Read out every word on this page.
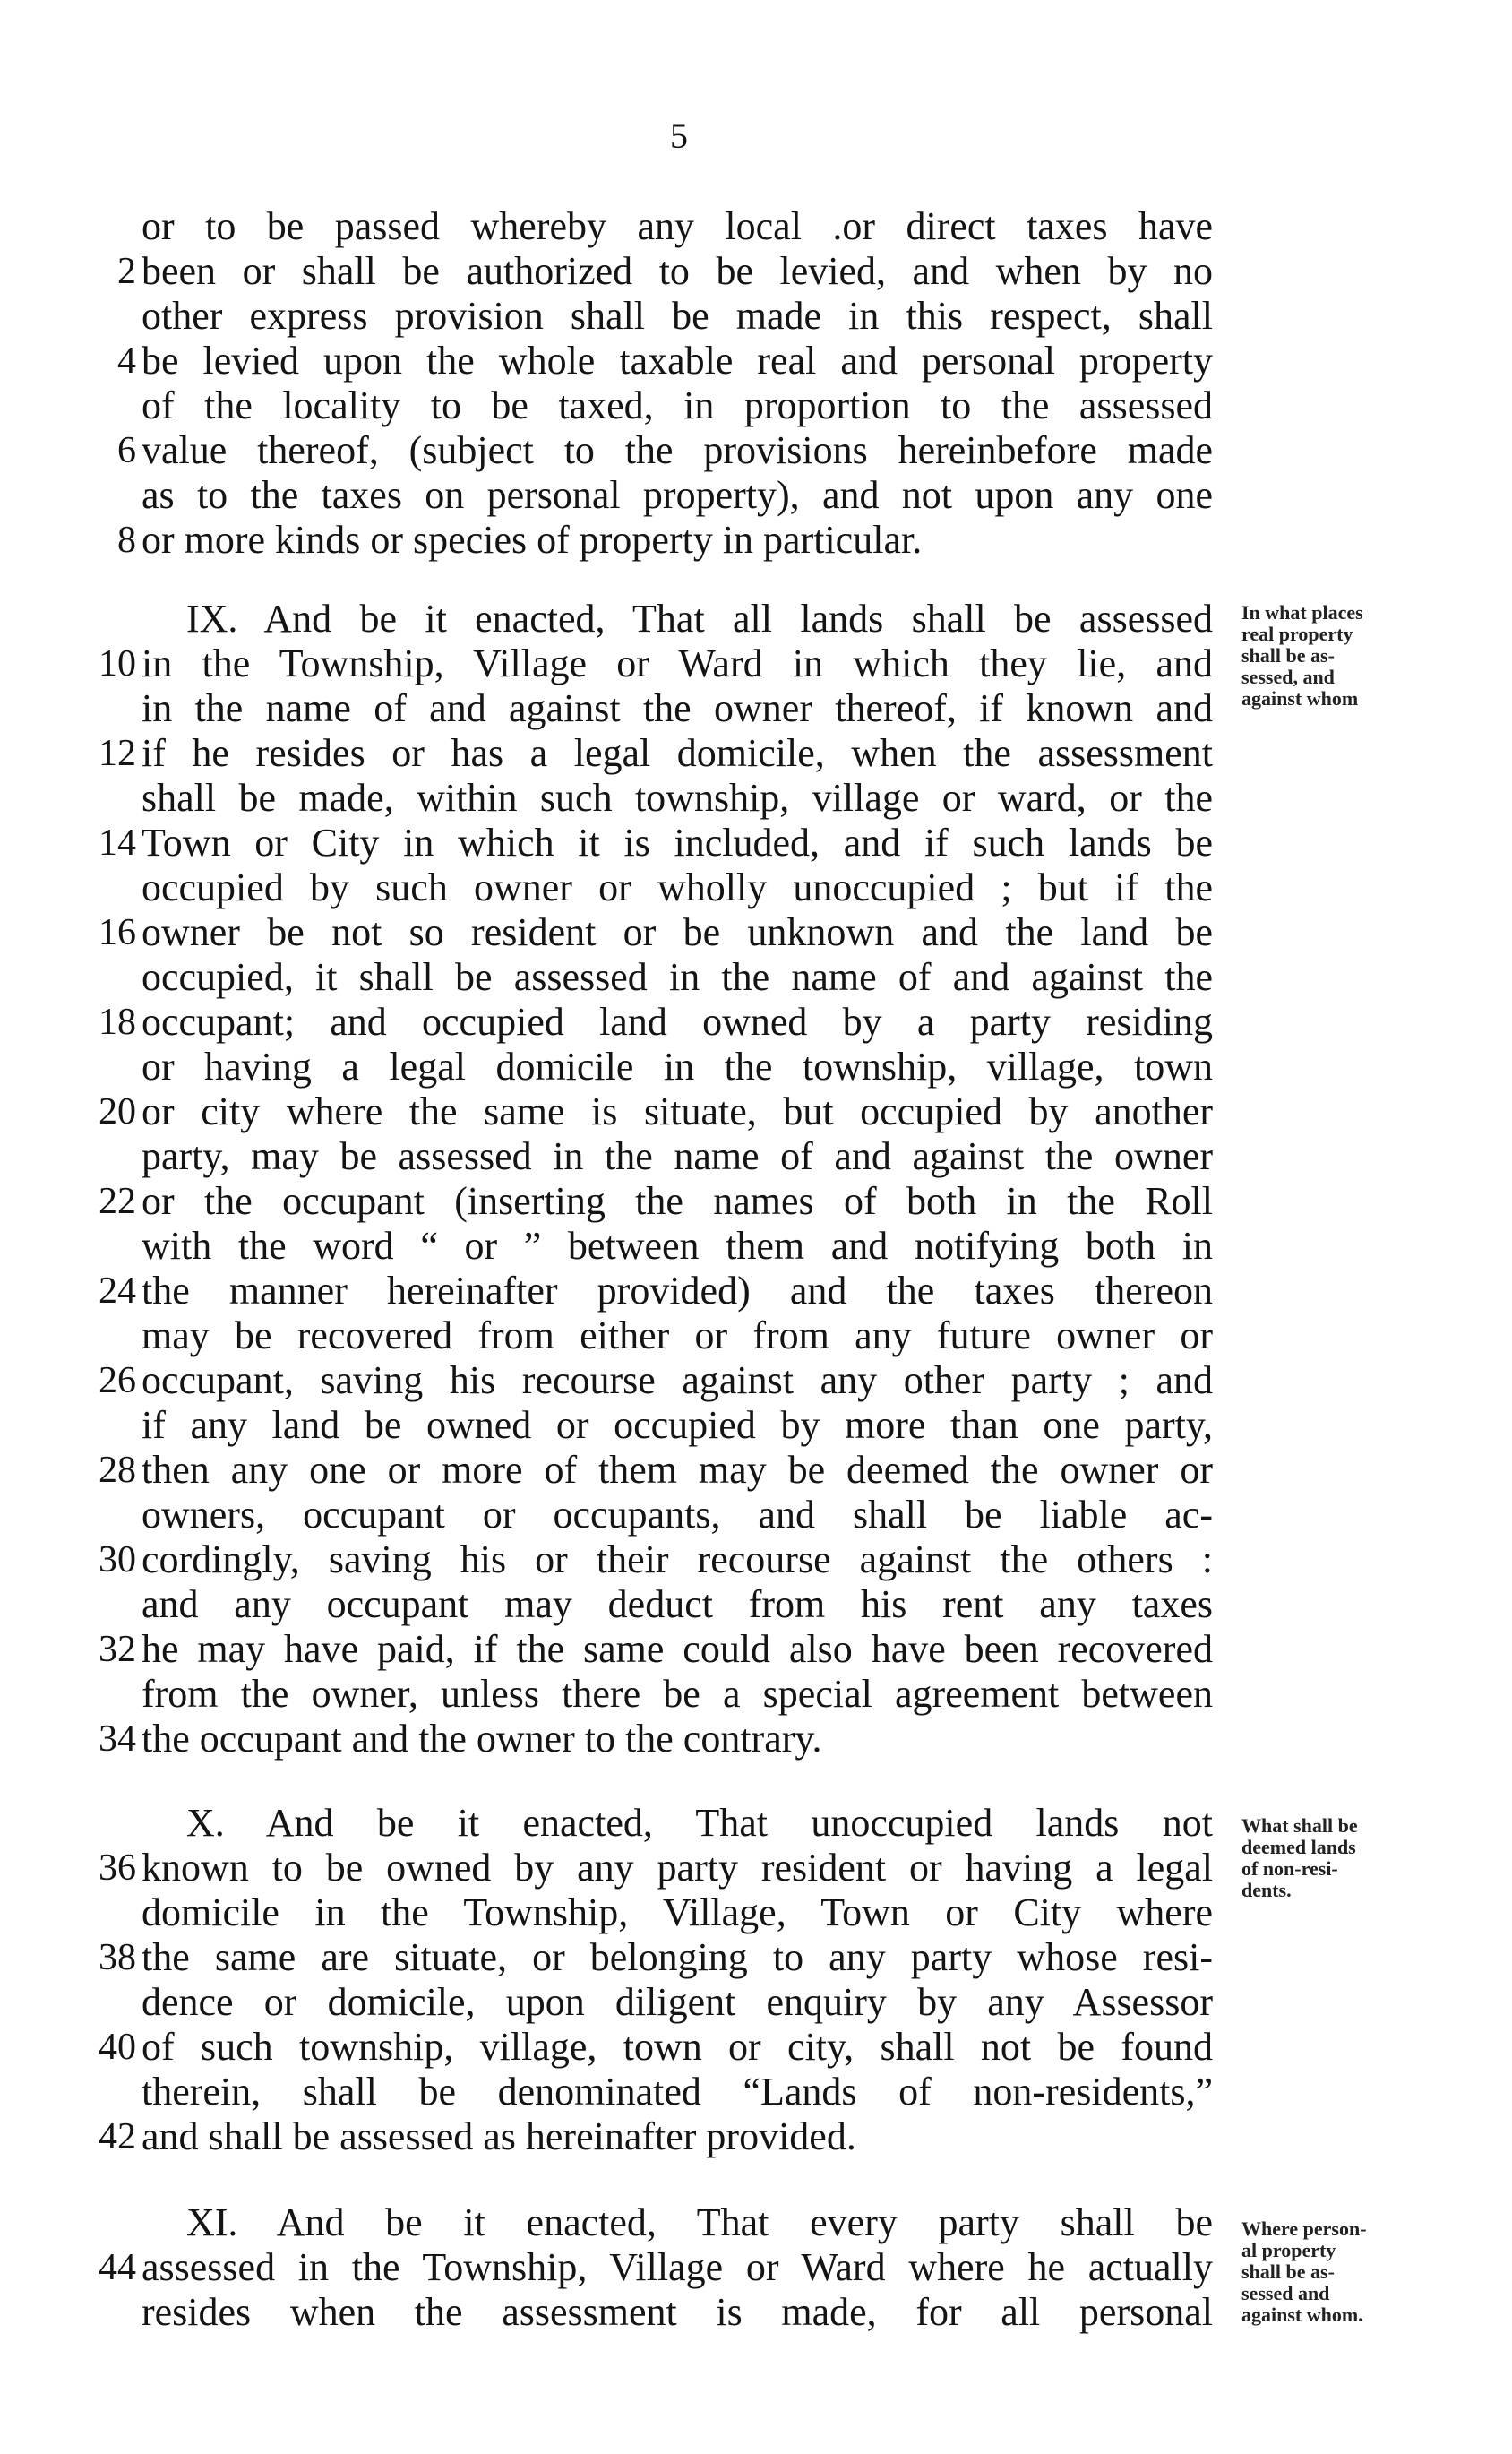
5
or to be passed whereby any local .or direct taxes have
2 been or shall be authorized to be levied, and when by no
other express provision shall be made in this respect, shall
4 be levied upon the whole taxable real and personal property
of the locality to be taxed, in proportion to the assessed
6 value thereof, (subject to the provisions hereinbefore made
as to the taxes on personal property), and not upon any one
8 or more kinds or species of property in particular.
IX. And be it enacted, That all lands shall be assessed
10 in the Township, Village or Ward in which they lie, and
in the name of and against the owner thereof, if known and
12 if he resides or has a legal domicile, when the assessment
shall be made, within such township, village or ward, or the
14 Town or City in which it is included, and if such lands be
occupied by such owner or wholly unoccupied ; but if the
16 owner be not so resident or be unknown and the land be
occupied, it shall be assessed in the name of and against the
18 occupant; and occupied land owned by a party residing
or having a legal domicile in the township, village, town
20 or city where the same is situate, but occupied by another
party, may be assessed in the name of and against the owner
22 or the occupant (inserting the names of both in the Roll
with the word “ or ” between them and notifying both in
24 the manner hereinafter provided) and the taxes thereon
may be recovered from either or from any future owner or
26 occupant, saving his recourse against any other party ; and
if any land be owned or occupied by more than one party,
28 then any one or more of them may be deemed the owner or
owners, occupant or occupants, and shall be liable ac-
30 cordingly, saving his or their recourse against the others :
and any occupant may deduct from his rent any taxes
32 he may have paid, if the same could also have been recovered
from the owner, unless there be a special agreement between
34 the occupant and the owner to the contrary.
X. And be it enacted, That unoccupied lands not
36 known to be owned by any party resident or having a legal
domicile in the Township, Village, Town or City where
38 the same are situate, or belonging to any party whose resi-
dence or domicile, upon diligent enquiry by any Assessor
40 of such township, village, town or city, shall not be found
therein, shall be denominated “Lands of non-residents,”
42 and shall be assessed as hereinafter provided.
XI. And be it enacted, That every party shall be
44 assessed in the Township, Village or Ward where he actually
resides when the assessment is made, for all personal
In what places
real property
shall be as-
sessed, and
against whom
What shall be
deemed lands
of non-resi-
dents.
Where person-
al property
shall be as-
sessed and
against whom.
